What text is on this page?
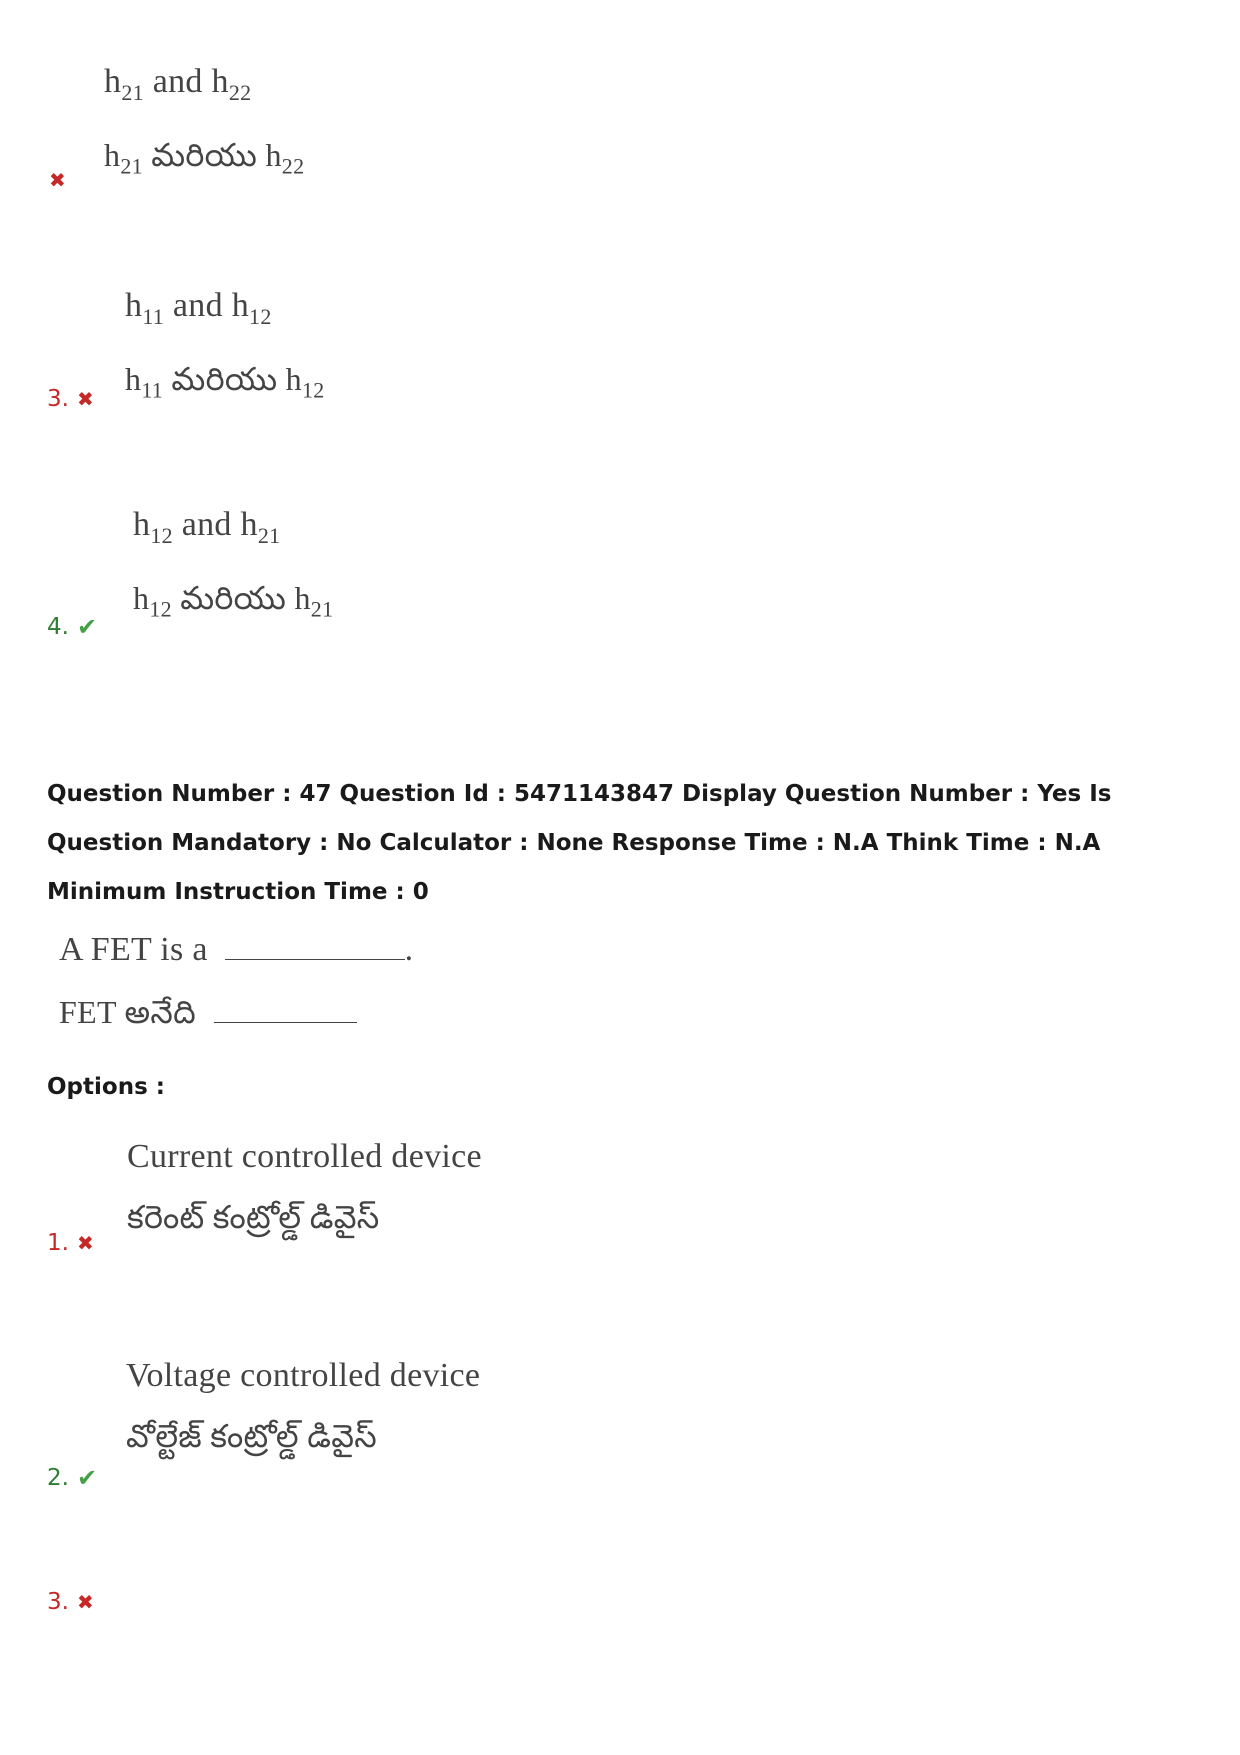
$h_{21}$ and $h_{22}$
$h_{21}$ మరియు $h_{22}$
✖
$h_{11}$ and $h_{12}$
$h_{11}$ మరియు $h_{12}$
3. ✖
$h_{12}$ and $h_{21}$
$h_{12}$ మరియు $h_{21}$
4. ✔
Question Number : 47 Question Id : 5471143847 Display Question Number : Yes Is Question Mandatory : No Calculator : None Response Time : N.A Think Time : N.A Minimum Instruction Time : 0
A FET is a	.
FET అనేది
Options :
Current controlled device
కరెంట్ కంట్రోల్డ్ డివైస్
1. ✖
Voltage controlled device
వోల్టేజ్ కంట్రోల్డ్ డివైస్
2. ✔
3. ✖
